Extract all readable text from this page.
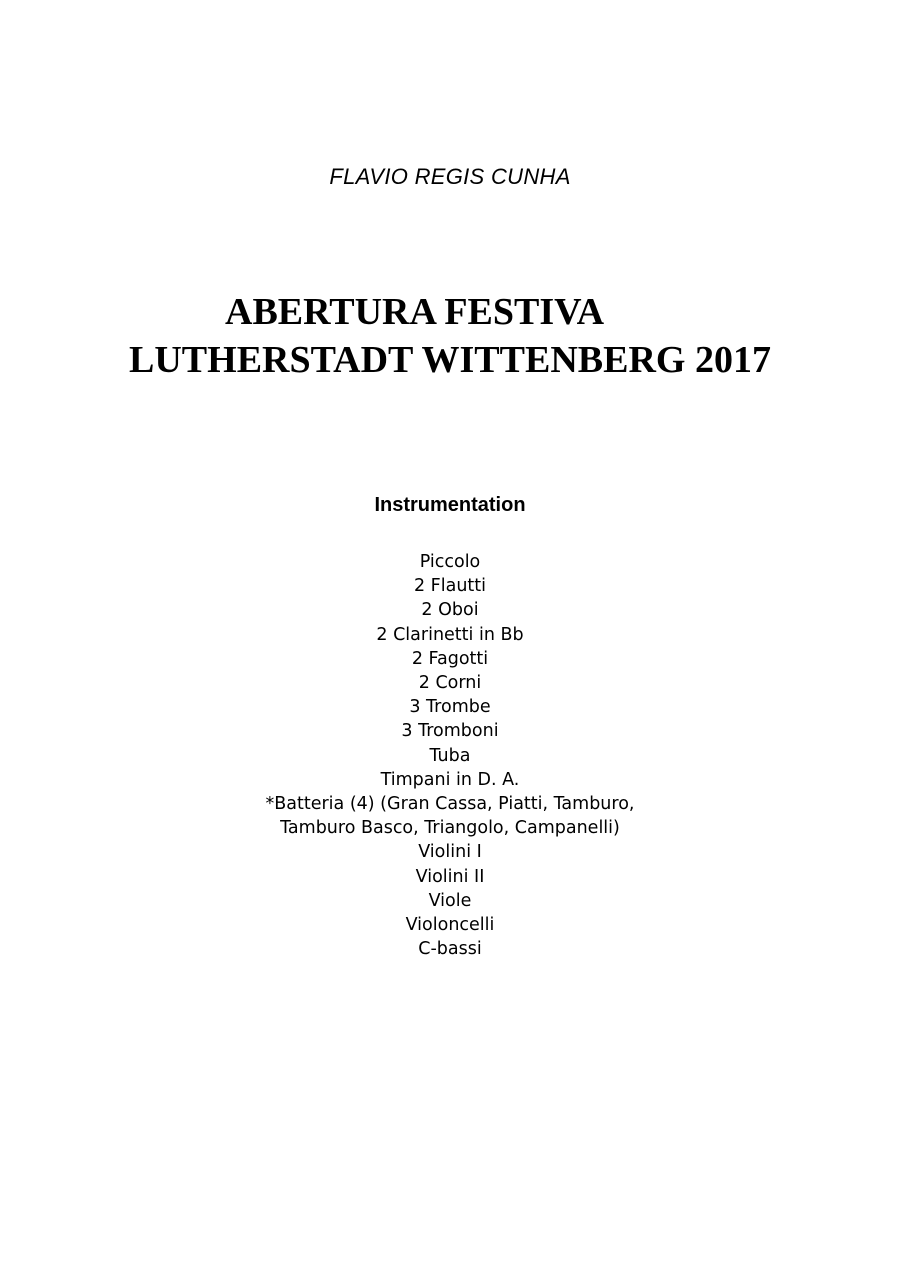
FLAVIO REGIS CUNHA
ABERTURA FESTIVA
LUTHERSTADT WITTENBERG 2017
Instrumentation
Piccolo
2 Flautti
2 Oboi
2 Clarinetti in Bb
2 Fagotti
2 Corni
3 Trombe
3 Tromboni
Tuba
Timpani in D. A.
*Batteria (4) (Gran Cassa, Piatti, Tamburo,
Tamburo Basco, Triangolo, Campanelli)
Violini I
Violini II
Viole
Violoncelli
C-bassi
